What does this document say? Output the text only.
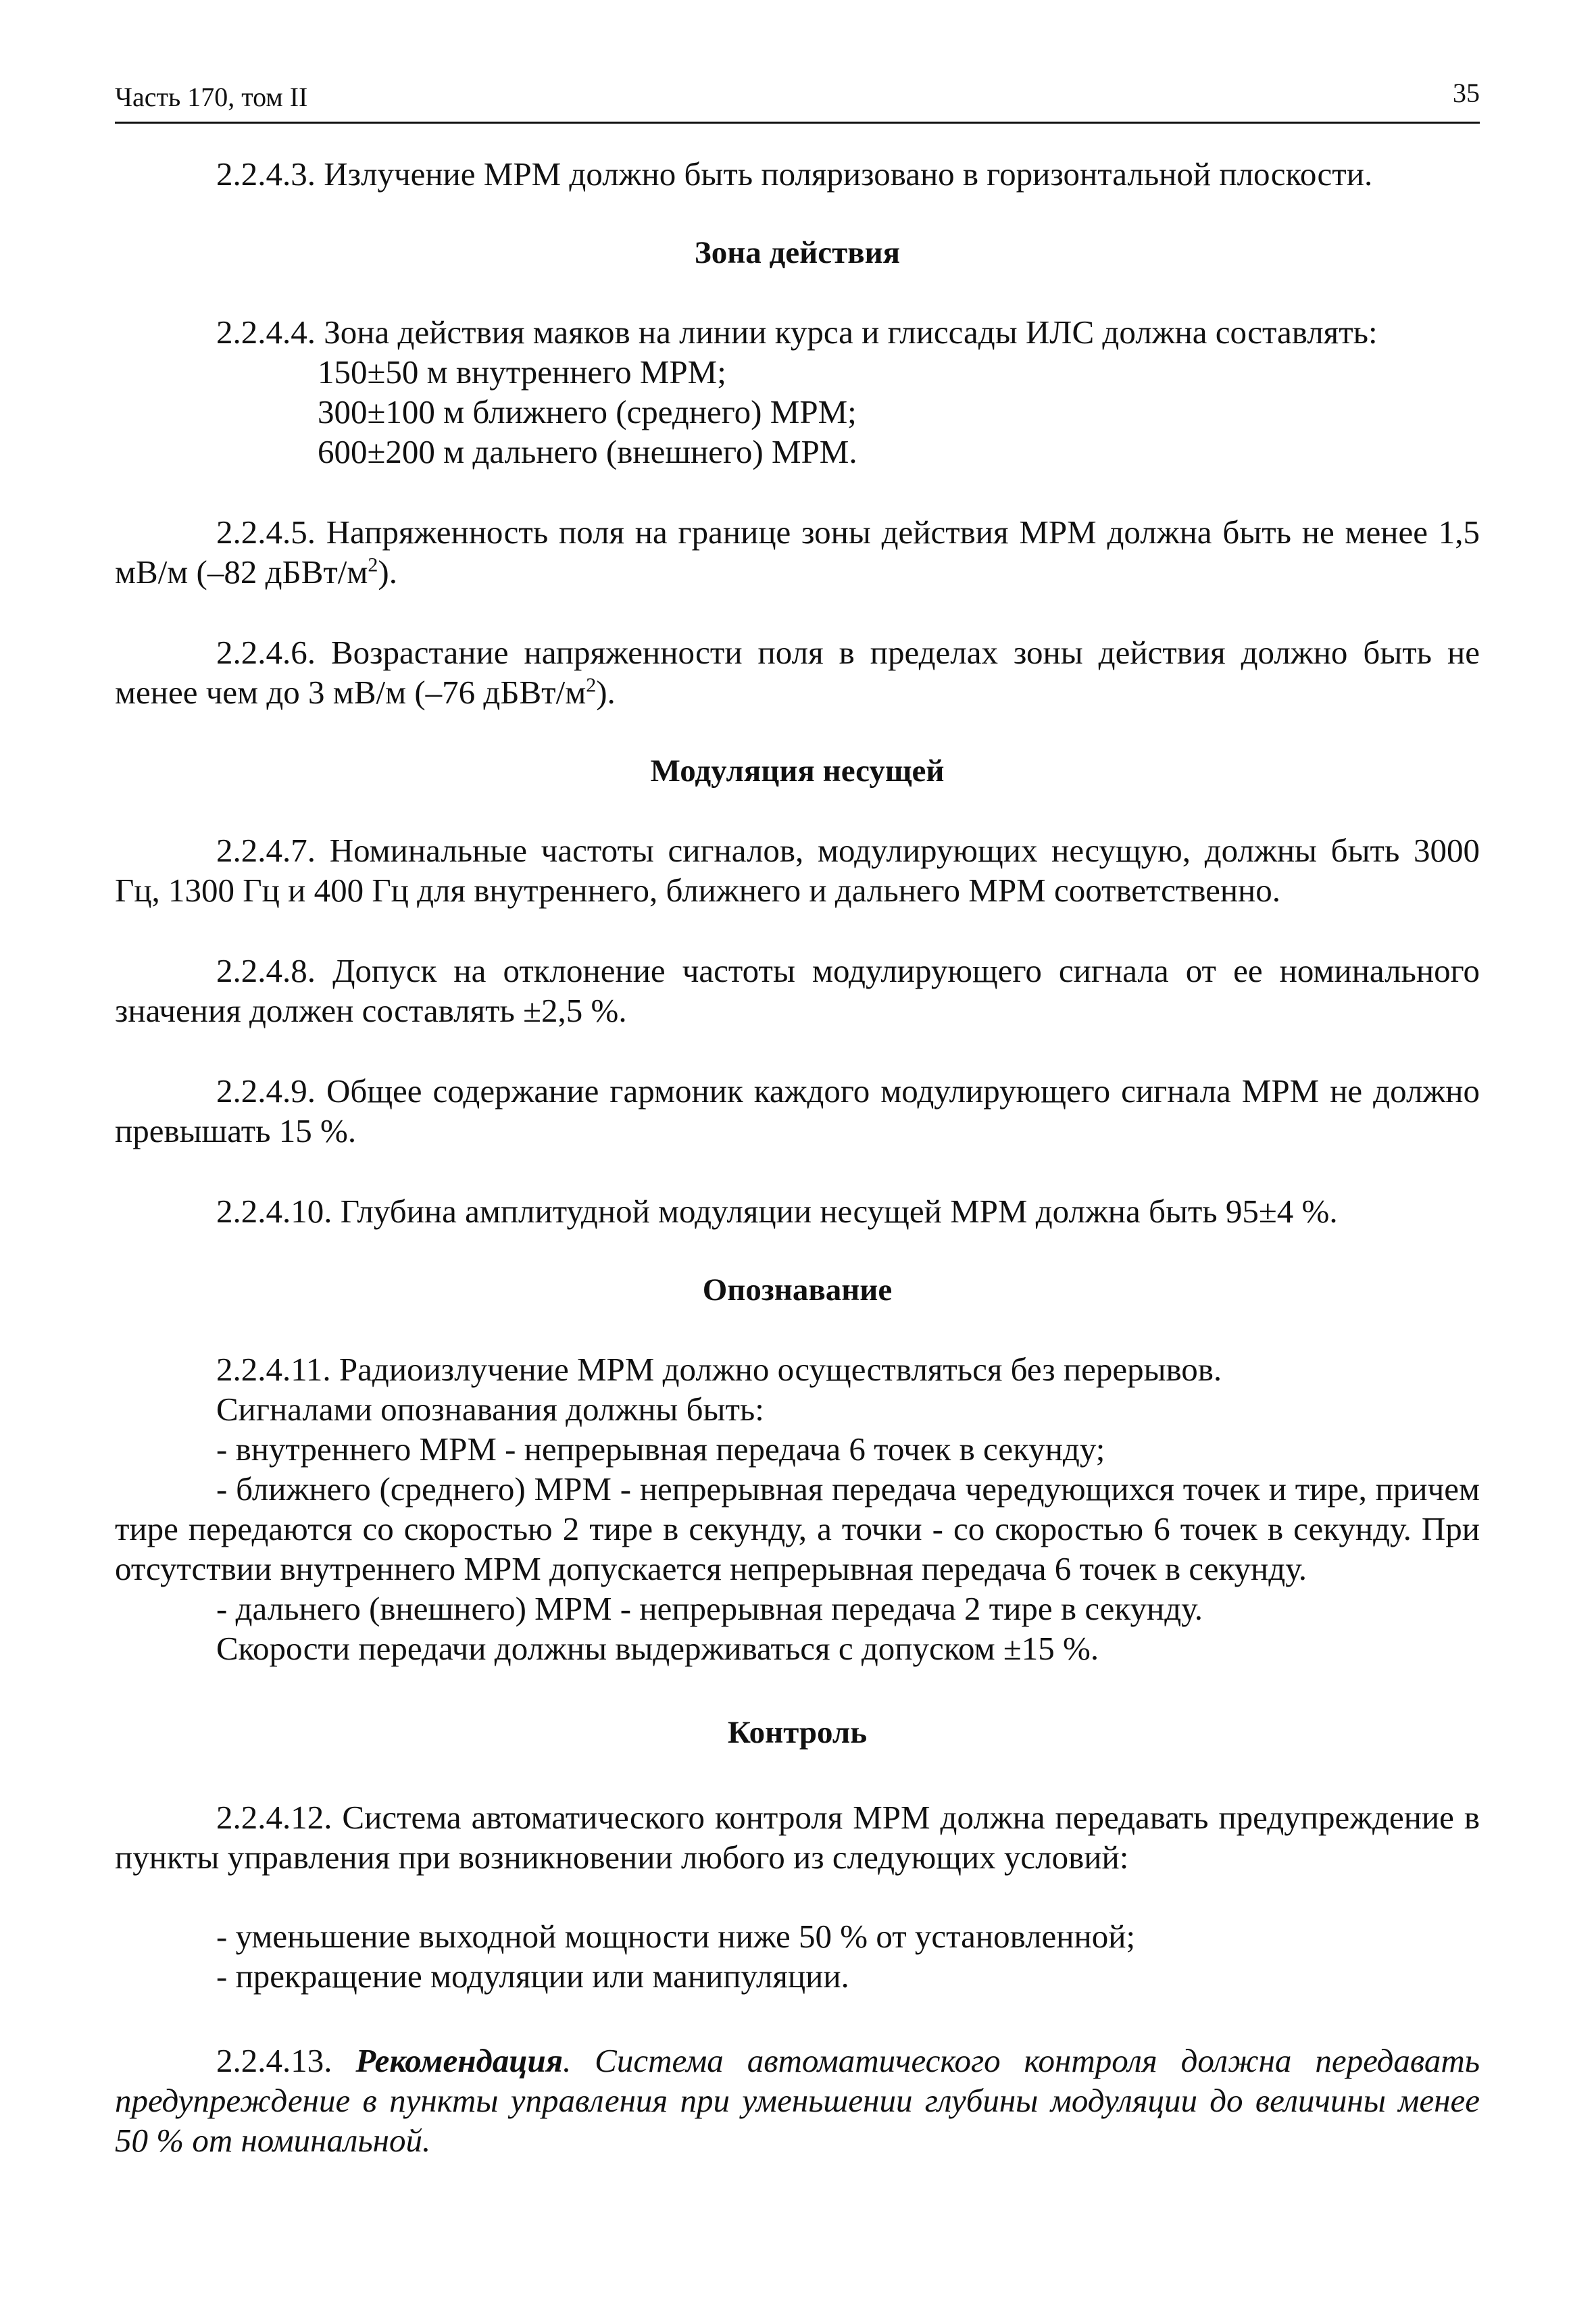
Часть 170, том II	35

2.2.4.3. Излучение МРМ должно быть поляризовано в горизонтальной плоскости.

Зона действия

2.2.4.4. Зона действия маяков на линии курса и глиссады ИЛС должна составлять:

150±50 м внутреннего МРМ;

300±100 м ближнего (среднего) МРМ;

600±200 м дальнего (внешнего) МРМ.

2.2.4.5. Напряженность поля на границе зоны действия МРМ должна быть не менее 1,5 мВ/м (–82 дБВт/$м^2$).

2.2.4.6. Возрастание напряженности поля в пределах зоны действия должно быть не менее чем до 3 мВ/м (–76 дБВт/$м^2$).

Модуляция несущей

2.2.4.7. Номинальные частоты сигналов, модулирующих несущую, должны быть 3000 Гц, 1300 Гц и 400 Гц для внутреннего, ближнего и дальнего МРМ соответственно.

2.2.4.8. Допуск на отклонение частоты модулирующего сигнала от ее номинального значения должен составлять ±2,5 %.

2.2.4.9. Общее содержание гармоник каждого модулирующего сигнала МРМ не должно превышать 15 %.

2.2.4.10. Глубина амплитудной модуляции несущей МРМ должна быть 95±4 %.

Опознавание

2.2.4.11. Радиоизлучение МРМ должно осуществляться без перерывов.

Сигналами опознавания должны быть:

- внутреннего МРМ - непрерывная передача 6 точек в секунду;

- ближнего (среднего) МРМ - непрерывная передача чередующихся точек и тире, причем тире передаются со скоростью 2 тире в секунду, а точки - со скоростью 6 точек в секунду. При отсутствии внутреннего МРМ допускается непрерывная передача 6 точек в секунду.

- дальнего (внешнего) МРМ - непрерывная передача 2 тире в секунду.

Скорости передачи должны выдерживаться с допуском ±15 %.

Контроль

2.2.4.12. Система автоматического контроля МРМ должна передавать предупреждение в пункты управления при возникновении любого из следующих условий:

- уменьшение выходной мощности ниже 50 % от установленной;

- прекращение модуляции или манипуляции.

2.2.4.13. Рекомендация. Система автоматического контроля должна передавать предупреждение в пункты управления при уменьшении глубины модуляции до величины менее 50 % от номинальной.
